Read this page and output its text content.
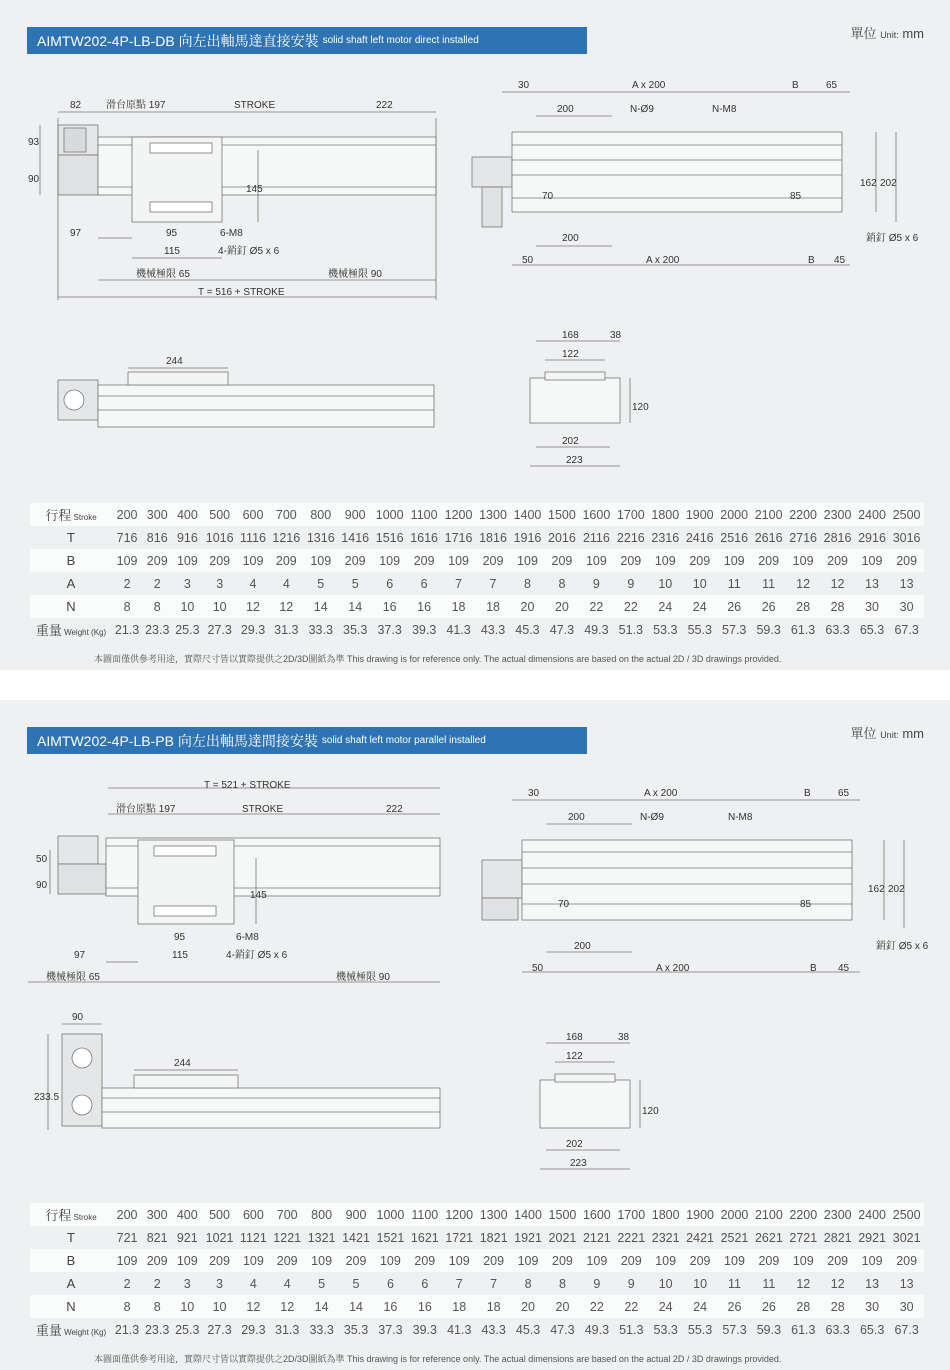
AIMTW202-4P-LB-DB 向左出軸馬達直接安裝 solid shaft left motor direct installed	單位 Unit: mm
82 滑台原點 197	STROKE	222
93
90
145
97	95
115
6-M8
4-銷釘 Ø5 x 6
機械極限 65	機械極限 90
T = 516 + STROKE
30	A x 200	B	65
200	N-Ø9	N-M8
162 202
70	85
200	銷釘 Ø5 x 6
50	A x 200	B 45
244
168	38
122
120
202
223
行程 Stroke	200	300	400	500	600	700	800	900	1000	1100	1200	1300	1400	1500	1600	1700	1800	1900	2000	2100	2200	2300	2400	2500
T	716	816	916	1016	1116	1216	1316	1416	1516	1616	1716	1816	1916	2016	2116	2216	2316	2416	2516	2616	2716	2816	2916	3016
B	109	209	109	209	109	209	109	209	109	209	109	209	109	209	109	209	109	209	109	209	109	209	109	209
A	2	2	3	3	4	4	5	5	6	6	7	7	8	8	9	9	10	10	11	11	12	12	13	13
N	8	8	10	10	12	12	14	14	16	16	18	18	20	20	22	22	24	24	26	26	28	28	30	30
重量 Weight (Kg)	21.3	23.3	25.3	27.3	29.3	31.3	33.3	35.3	37.3	39.3	41.3	43.3	45.3	47.3	49.3	51.3	53.3	55.3	57.3	59.3	61.3	63.3	65.3	67.3
本圖面僅供參考用途，實際尺寸皆以實際提供之2D/3D圖紙為準 This drawing is for reference only. The actual dimensions are based on the actual 2D / 3D drawings provided.
AIMTW202-4P-LB-PB 向左出軸馬達間接安裝 solid shaft left motor parallel installed	單位 Unit: mm
T = 521 + STROKE
滑台原點 197	STROKE	222
50
90
145
97
95
115
6-M8
4-銷釘 Ø5 x 6
機械極限 65	機械極限 90
30	A x 200	B	65
200	N-Ø9	N-M8
162 202
70	85
200	銷釘 Ø5 x 6
50	A x 200	B 45
90
244
233.5
168	38
122
120
202
223
行程 Stroke	200	300	400	500	600	700	800	900	1000	1100	1200	1300	1400	1500	1600	1700	1800	1900	2000	2100	2200	2300	2400	2500
T	721	821	921	1021	1121	1221	1321	1421	1521	1621	1721	1821	1921	2021	2121	2221	2321	2421	2521	2621	2721	2821	2921	3021
B	109	209	109	209	109	209	109	209	109	209	109	209	109	209	109	209	109	209	109	209	109	209	109	209
A	2	2	3	3	4	4	5	5	6	6	7	7	8	8	9	9	10	10	11	11	12	12	13	13
N	8	8	10	10	12	12	14	14	16	16	18	18	20	20	22	22	24	24	26	26	28	28	30	30
重量 Weight (Kg)	21.3	23.3	25.3	27.3	29.3	31.3	33.3	35.3	37.3	39.3	41.3	43.3	45.3	47.3	49.3	51.3	53.3	55.3	57.3	59.3	61.3	63.3	65.3	67.3
本圖面僅供參考用途，實際尺寸皆以實際提供之2D/3D圖紙為準 This drawing is for reference only. The actual dimensions are based on the actual 2D / 3D drawings provided.
